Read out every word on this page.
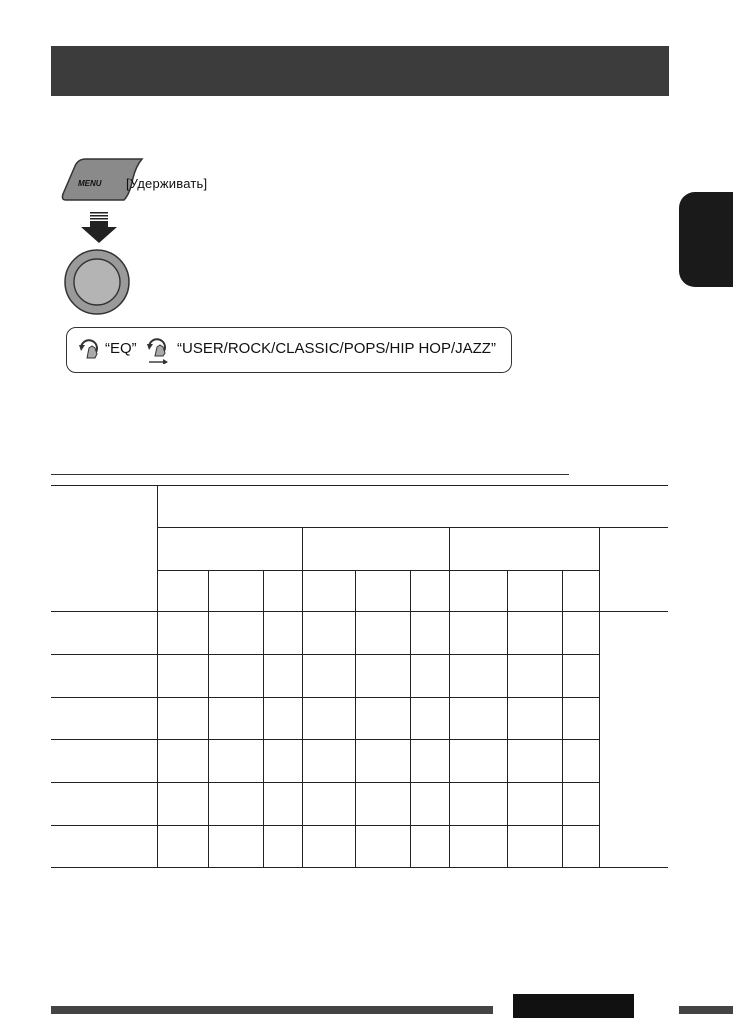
MENU [Удерживать]
“EQ”	“USER/ROCK/CLASSIC/POPS/HIP HOP/JAZZ”
